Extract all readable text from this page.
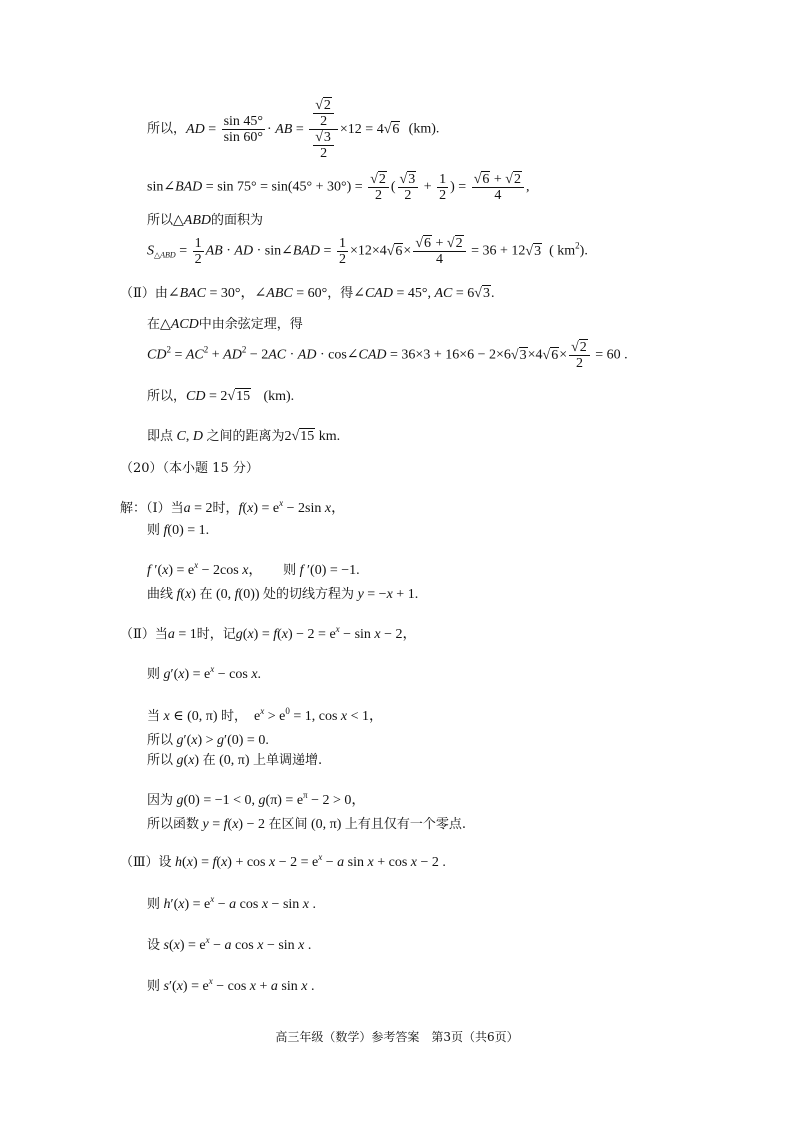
所以，AD = $\frac{\sin 45^\circ}{\sin 60^\circ}$ · AB = $\frac{\frac{√2}{2}}{\frac{√3}{2}} \times 12 = 4√6$ (km).
sin∠BAD = $\sin 75^\circ = \sin(45^\circ + 30^\circ) = \frac{√2}{2}$ ( $\frac{√3}{2} + \frac{1}{2}$ ) = $\frac{√6 + √2}{4}$ ,
所以△ABD的面积为
$S_{\triangle ABD} = \frac{1}{2}$ AB · AD · sin∠BAD = $\frac{1}{2} \times 12\times 4√6\times \frac{√6 + √2}{4} = 36 + 12√3$ ( $km^2$).
（Ⅱ）由∠BAC = 30°，∠ABC = 60°，得∠CAD = 45°, AC = 6√3.
在△ACD中由余弦定理，得
$CD^2 = AC^2 + AD^2 - 2AC$ · AD · cos∠CAD = $36\times 3 + 16\times 6 - 2\times 6√3\times 4√6\times \frac{√2}{2} = 60$ .
所以，CD = 2√15 (km).
即点 C, D 之间的距离为2√15 km.
（20）（本小题 15 分）
解：（Ⅰ）当a = 2时，$f(x) = e^x - 2\sin$ x，
则 f(0) = 1.
f $'(x) = e^x - 2\cos$ x， 则 f ′(0) = −1.
曲线 f(x) 在 (0, f(0)) 处的切线方程为 y = −x + 1.
（Ⅱ）当a = 1时，记$g(x) = f(x) - 2 = e^x - \sin x - 2$，
则 $g'(x) = e^x - \cos x$.
当 x ∈ (0, π) 时，  $e^x > e^0 = 1$, cos x < 1，
所以 g′(x) > g′(0) = 0.
所以 g(x) 在 (0, π) 上单调递增.
因为 g(0) = −1 < 0, $g(\pi) = e^\pi - 2 > 0$，
所以函数 y = f(x) − 2 在区间 (0, π) 上有且仅有一个零点.
（Ⅲ）设 $h(x) = f(x) + \cos x - 2 = e^x - a$ sin x + cos x − 2 .
则 $h'(x) = e^x - a$ cos x − sin x .
设 $s(x) = e^x - a$ cos x − sin x .
则 $s'(x) = e^x - \cos x + a$ sin x .
高三年级（数学）参考答案　第3页（共6页）
